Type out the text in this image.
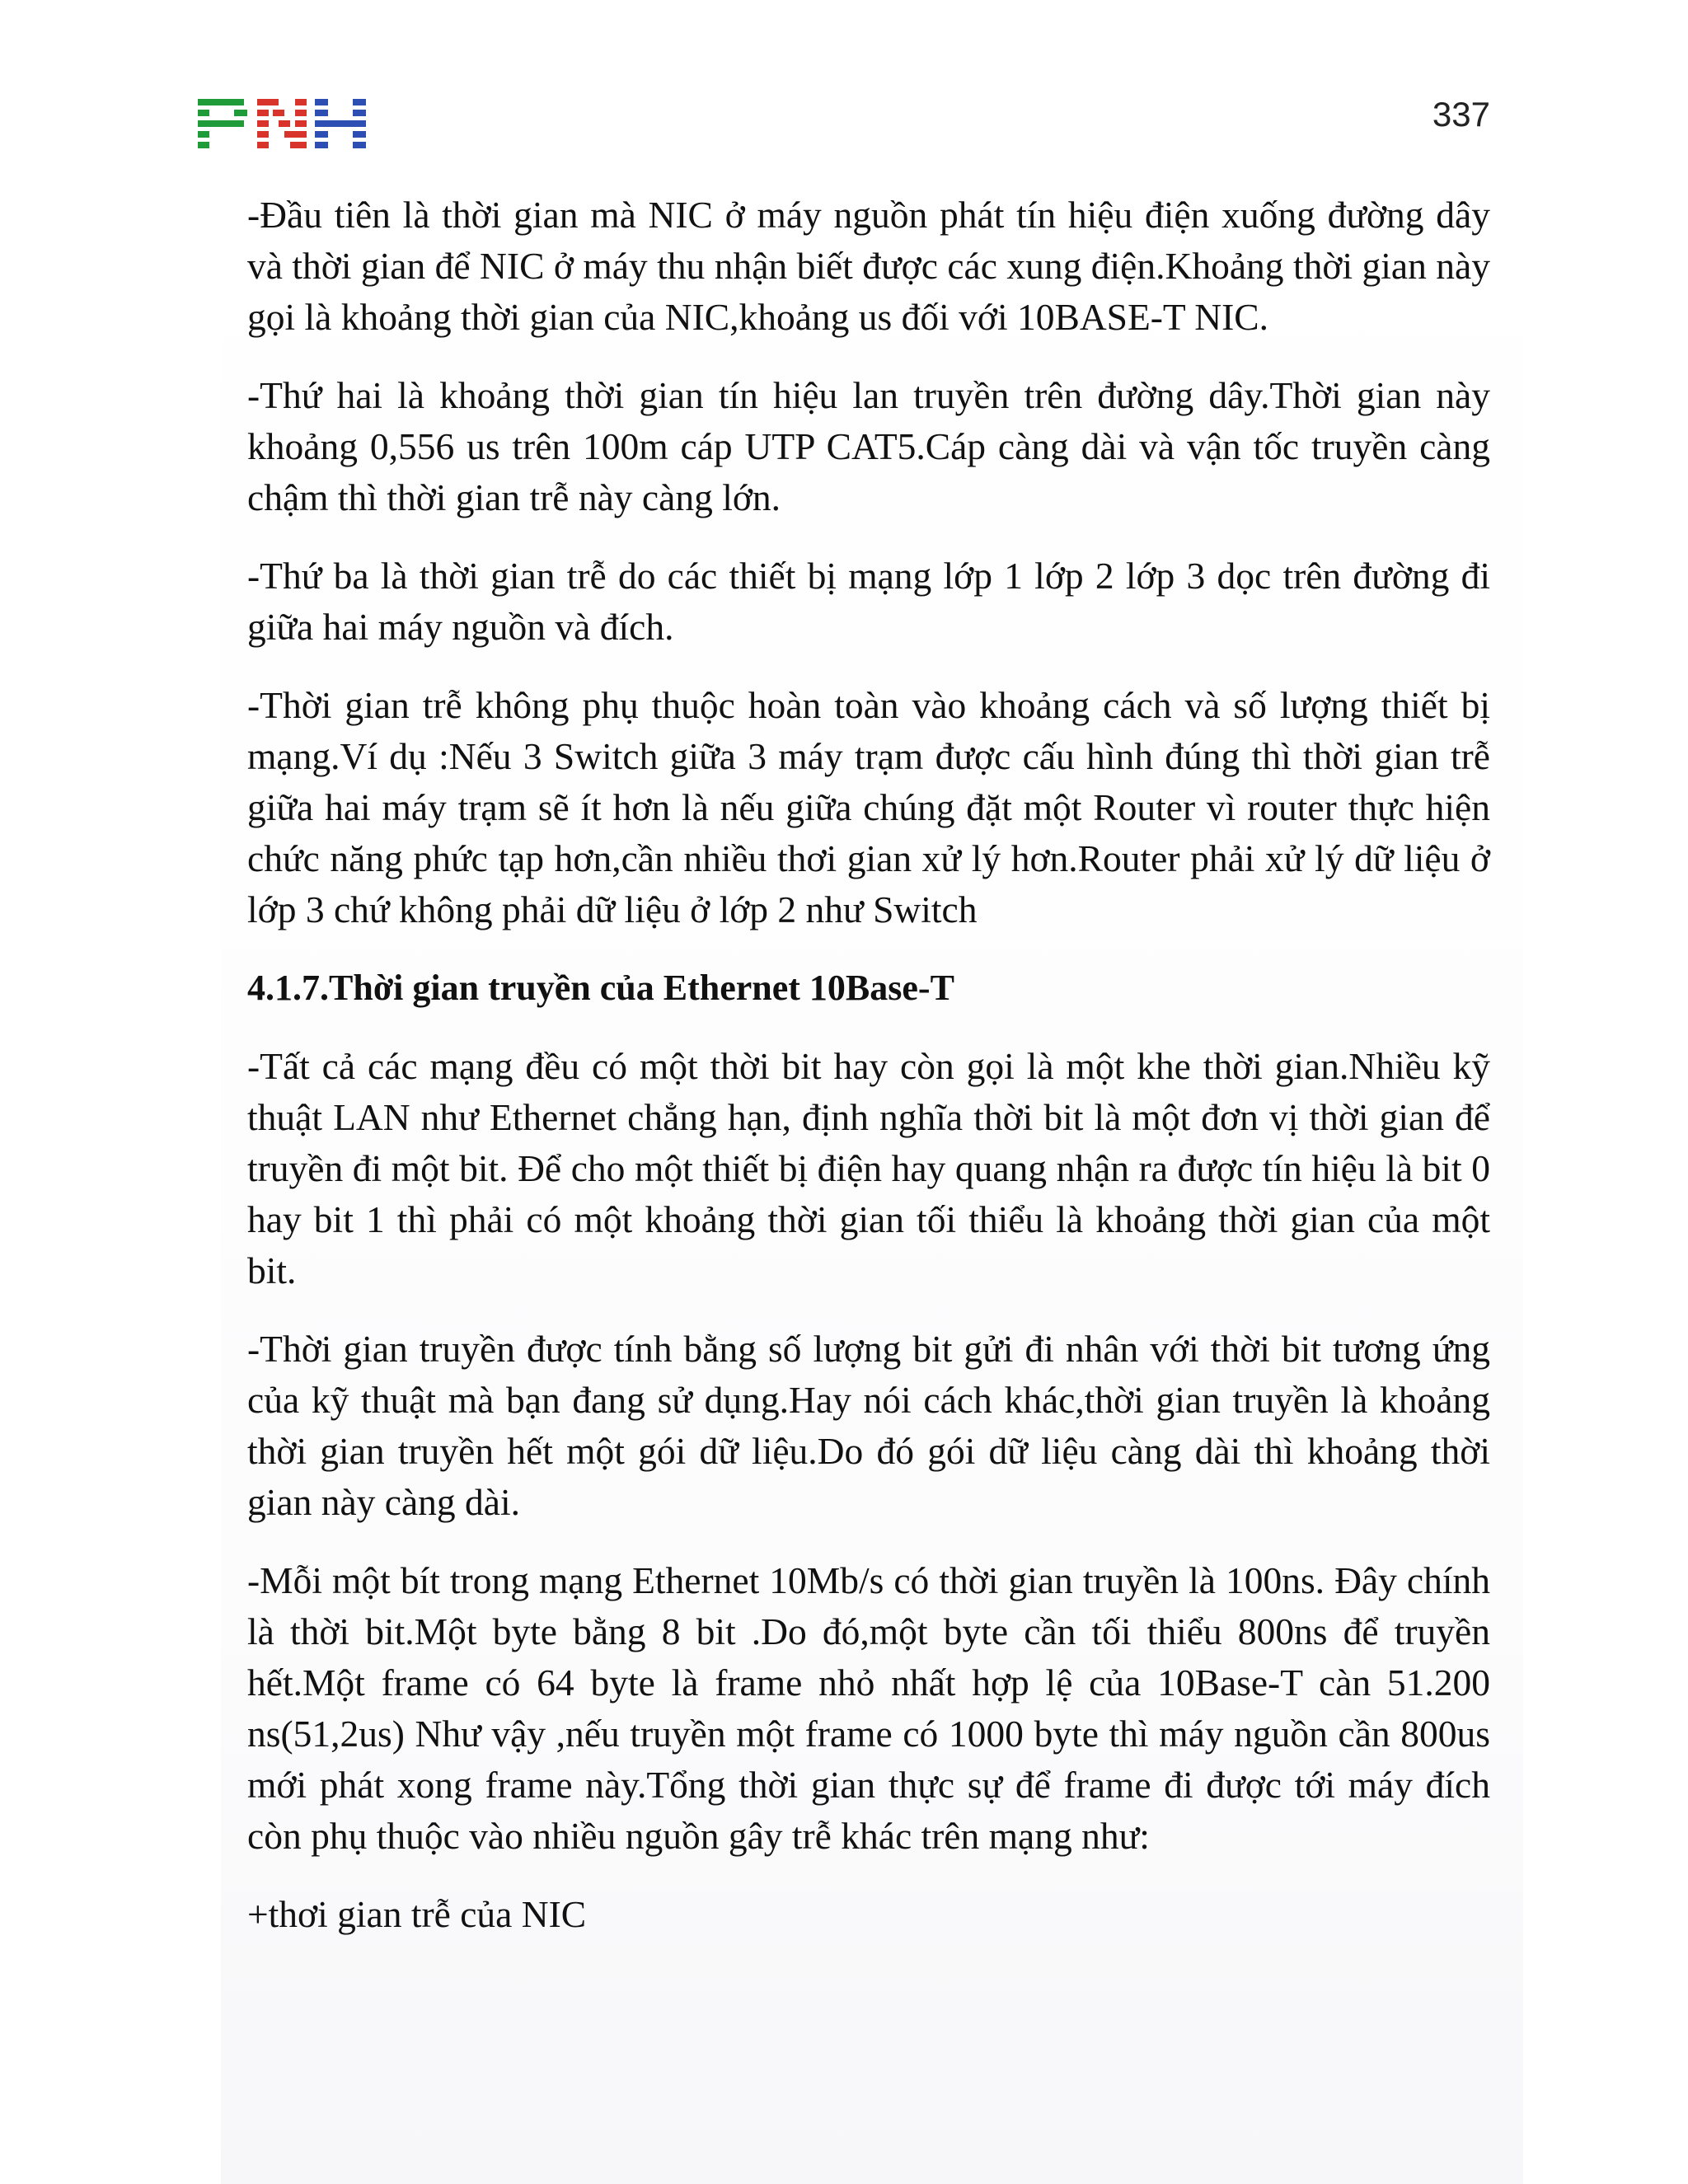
337

-Đầu tiên là thời gian mà NIC ở máy nguồn phát tín hiệu điện xuống đường dây và thời gian để NIC ở máy thu nhận biết được các xung điện.Khoảng thời gian này gọi là khoảng thời gian của NIC,khoảng us đối với 10BASE-T NIC.

-Thứ hai là khoảng thời gian tín hiệu lan truyền trên đường dây.Thời gian này khoảng 0,556 us trên 100m cáp UTP CAT5.Cáp càng dài và vận tốc truyền càng chậm thì thời gian trễ này càng lớn.

-Thứ ba là thời gian trễ do các thiết bị mạng lớp 1 lớp 2 lớp 3 dọc trên đường đi giữa hai máy nguồn và đích.

-Thời gian trễ không phụ thuộc hoàn toàn vào khoảng cách và số lượng thiết bị mạng.Ví dụ :Nếu 3 Switch giữa 3 máy trạm được cấu hình đúng thì thời gian trễ giữa hai máy trạm sẽ ít hơn là nếu giữa chúng đặt một Router vì router thực hiện chức năng phức tạp hơn,cần nhiều thơi gian xử lý hơn.Router phải xử lý dữ liệu ở lớp 3 chứ không phải dữ liệu ở lớp 2 như Switch

4.1.7.Thời gian truyền của Ethernet 10Base-T

-Tất cả các mạng đều có một thời bit hay còn gọi là một khe thời gian.Nhiều kỹ thuật LAN như Ethernet chẳng hạn, định nghĩa thời bit là một đơn vị thời gian để truyền đi một bit. Để cho một thiết bị điện hay quang nhận ra được tín hiệu là bit 0 hay bit 1 thì phải có một khoảng thời gian tối thiểu là khoảng thời gian của một bit.

-Thời gian truyền được tính bằng số lượng bit gửi đi nhân với thời bit tương ứng của kỹ thuật mà bạn đang sử dụng.Hay nói cách khác,thời gian truyền là khoảng thời gian truyền hết một gói dữ liệu.Do đó gói dữ liệu càng dài thì khoảng thời gian này càng dài.

-Mỗi một bít trong mạng Ethernet 10Mb/s có thời gian truyền là 100ns. Đây chính là thời bit.Một byte bằng 8 bit .Do đó,một byte cần tối thiểu 800ns để truyền hết.Một frame có 64 byte là frame nhỏ nhất hợp lệ của 10Base-T càn 51.200 ns(51,2us) Như vậy ,nếu truyền một frame có 1000 byte thì máy nguồn cần 800us mới phát xong frame này.Tổng thời gian thực sự để frame đi được tới máy đích còn phụ thuộc vào nhiều nguồn gây trễ khác trên mạng như:

+thơi gian trễ của NIC
